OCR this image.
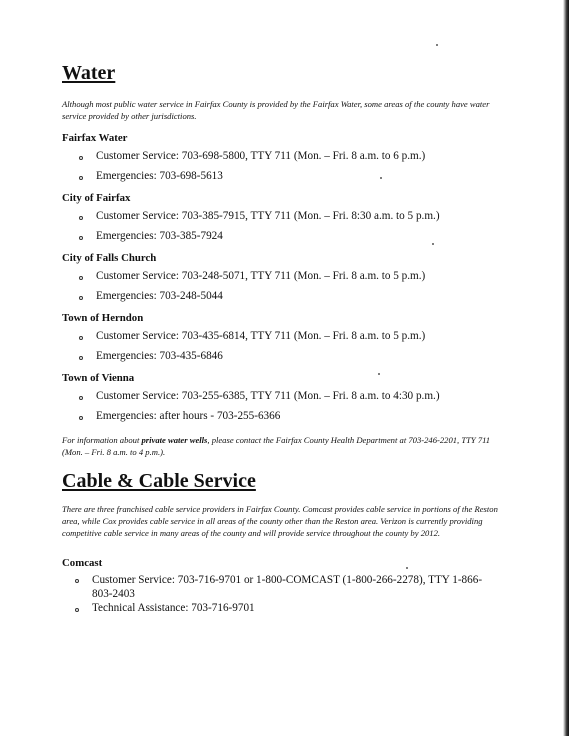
Water

Although most public water service in Fairfax County is provided by the Fairfax Water, some areas of the county have water service provided by other jurisdictions.

Fairfax Water

Customer Service: 703-698-5800, TTY 711 (Mon. – Fri. 8 a.m. to 6 p.m.)

Emergencies: 703-698-5613

City of Fairfax

Customer Service: 703-385-7915, TTY 711 (Mon. – Fri. 8:30 a.m. to 5 p.m.)

Emergencies: 703-385-7924

City of Falls Church

Customer Service: 703-248-5071, TTY 711 (Mon. – Fri. 8 a.m. to 5 p.m.)

Emergencies: 703-248-5044

Town of Herndon

Customer Service: 703-435-6814, TTY 711 (Mon. – Fri. 8 a.m. to 5 p.m.)

Emergencies: 703-435-6846

Town of Vienna

Customer Service: 703-255-6385, TTY 711 (Mon. – Fri. 8 a.m. to 4:30 p.m.)

Emergencies: after hours - 703-255-6366

For information about private water wells, please contact the Fairfax County Health Department at 703-246-2201, TTY 711 (Mon. – Fri. 8 a.m. to 4 p.m.).

Cable & Cable Service

There are three franchised cable service providers in Fairfax County. Comcast provides cable service in portions of the Reston area, while Cox provides cable service in all areas of the county other than the Reston area. Verizon is currently providing competitive cable service in many areas of the county and will provide service throughout the county by 2012.

Comcast

Customer Service: 703-716-9701 or 1-800-COMCAST (1-800-266-2278), TTY 1-866-803-2403

Technical Assistance: 703-716-9701
